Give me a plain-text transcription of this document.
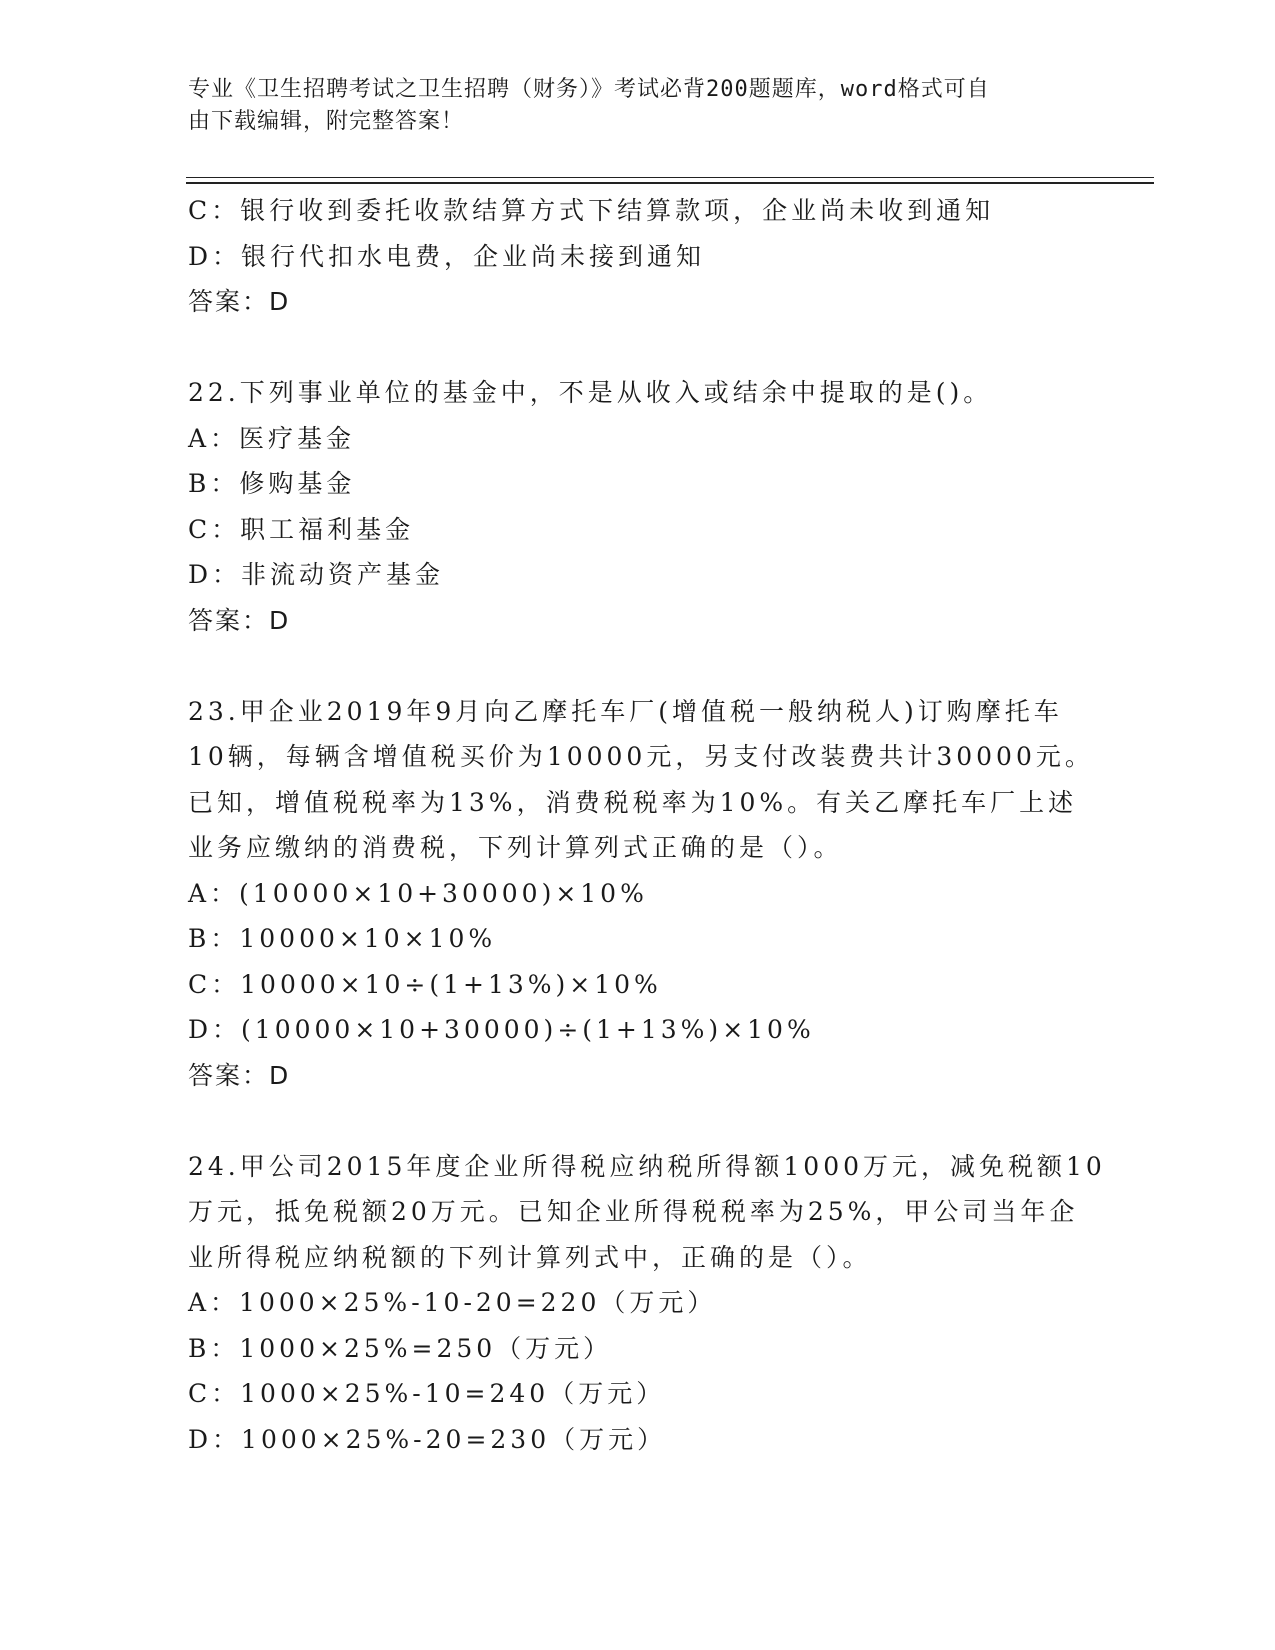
专业《卫生招聘考试之卫生招聘（财务）》考试必背200题题库，word格式可自
由下载编辑，附完整答案！
C：银行收到委托收款结算方式下结算款项，企业尚未收到通知
D：银行代扣水电费，企业尚未接到通知
答案：D
22.下列事业单位的基金中，不是从收入或结余中提取的是()。
A：医疗基金
B：修购基金
C：职工福利基金
D：非流动资产基金
答案：D
23.甲企业2019年9月向乙摩托车厂(增值税一般纳税人)订购摩托车
10辆，每辆含增值税买价为10000元，另支付改装费共计30000元。
已知，增值税税率为13%，消费税税率为10%。有关乙摩托车厂上述
业务应缴纳的消费税，下列计算列式正确的是（）。
A：(10000×10+30000)×10%
B：10000×10×10%
C：10000×10÷(1+13%)×10%
D：(10000×10+30000)÷(1+13%)×10%
答案：D
24.甲公司2015年度企业所得税应纳税所得额1000万元，减免税额10
万元，抵免税额20万元。已知企业所得税税率为25%，甲公司当年企
业所得税应纳税额的下列计算列式中，正确的是（）。
A：1000×25%-10-20=220（万元）
B：1000×25%=250（万元）
C：1000×25%-10=240（万元）
D：1000×25%-20=230（万元）
